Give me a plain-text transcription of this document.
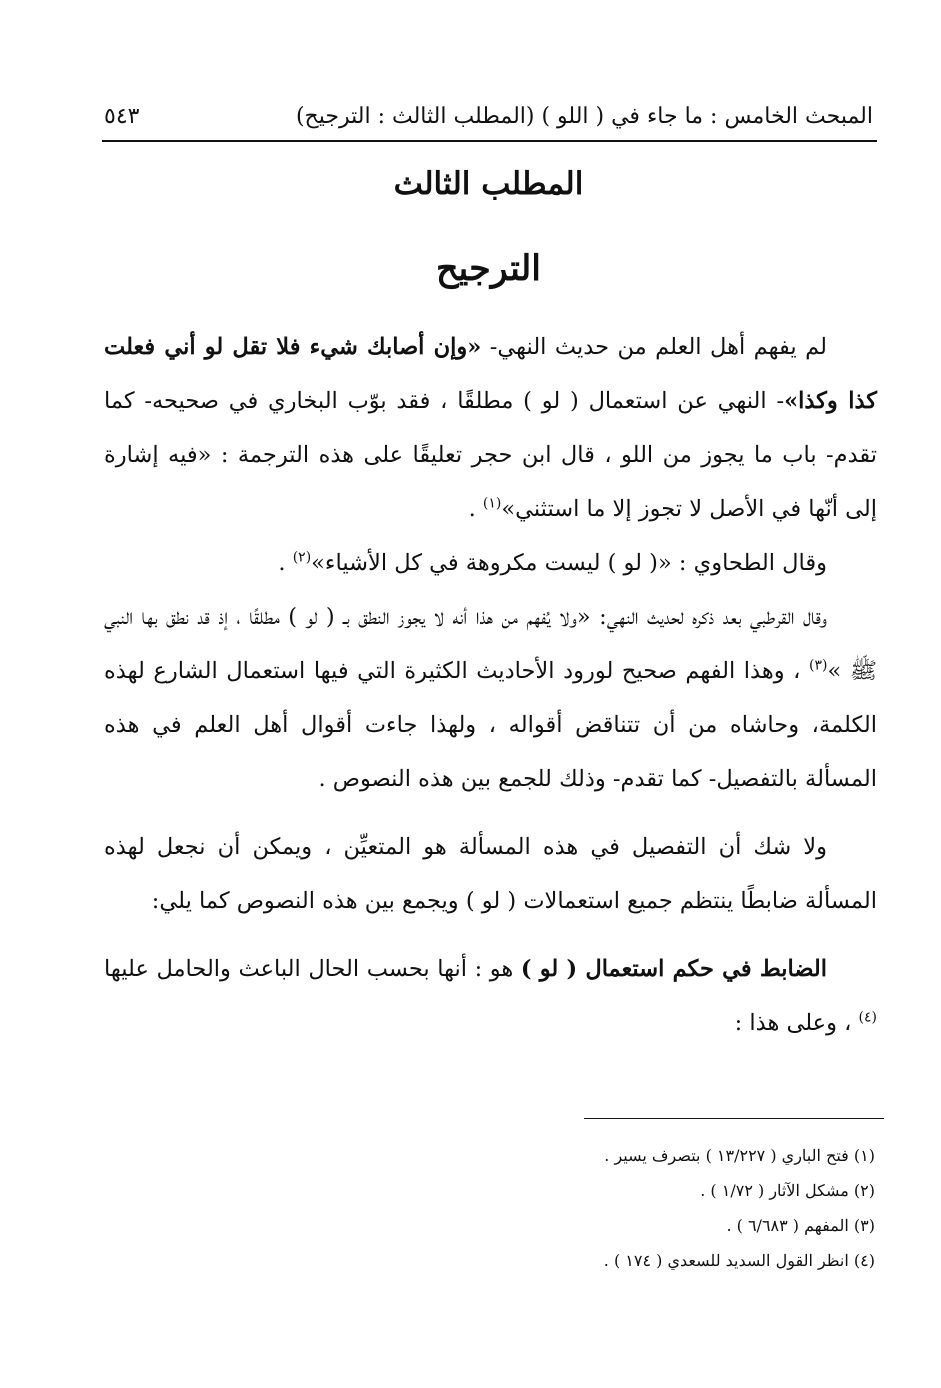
المبحث الخامس : ما جاء في ( اللو ) (المطلب الثالث : الترجيح)
٥٤٣
المطلب الثالث
الترجيح

لم يفهم أهل العلم من حديث النهي- «وإن أصابك شيء فلا تقل لو أني فعلت كذا وكذا»- النهي عن استعمال ( لو ) مطلقًا ، فقد بوّب البخاري في صحيحه- كما تقدم- باب ما يجوز من اللو ، قال ابن حجر تعليقًا على هذه الترجمة : «فيه إشارة إلى أنّها في الأصل لا تجوز إلا ما استثني»$^{(١)}$ .

وقال الطحاوي : «( لو ) ليست مكروهة في كل الأشياء»$^{(٢)}$ .

وقال القرطبي بعد ذكره لحديث النهي: «ولا يُفهم من هذا أنه لا يجوز النطق بـ ( لو ) مطلقًا ، إذ قد نطق بها النبي ﷺ »$^{(٣)}$ ، وهذا الفهم صحيح لورود الأحاديث الكثيرة التي فيها استعمال الشارع لهذه الكلمة، وحاشاه من أن تتناقض أقواله ، ولهذا جاءت أقوال أهل العلم في هذه المسألة بالتفصيل- كما تقدم- وذلك للجمع بين هذه النصوص .

ولا شك أن التفصيل في هذه المسألة هو المتعيِّن ، ويمكن أن نجعل لهذه المسألة ضابطًا ينتظم جميع استعمالات ( لو ) ويجمع بين هذه النصوص كما يلي:

الضابط في حكم استعمال ( لو ) هو : أنها بحسب الحال الباعث والحامل عليها $^{(٤)}$ ، وعلى هذا :

(١) فتح الباري ( ١٣/٢٢٧ ) بتصرف يسير .
(٢) مشكل الآثار ( ١/٧٢ ) .
(٣) المفهم ( ٦/٦٨٣ ) .
(٤) انظر القول السديد للسعدي ( ١٧٤ ) .
